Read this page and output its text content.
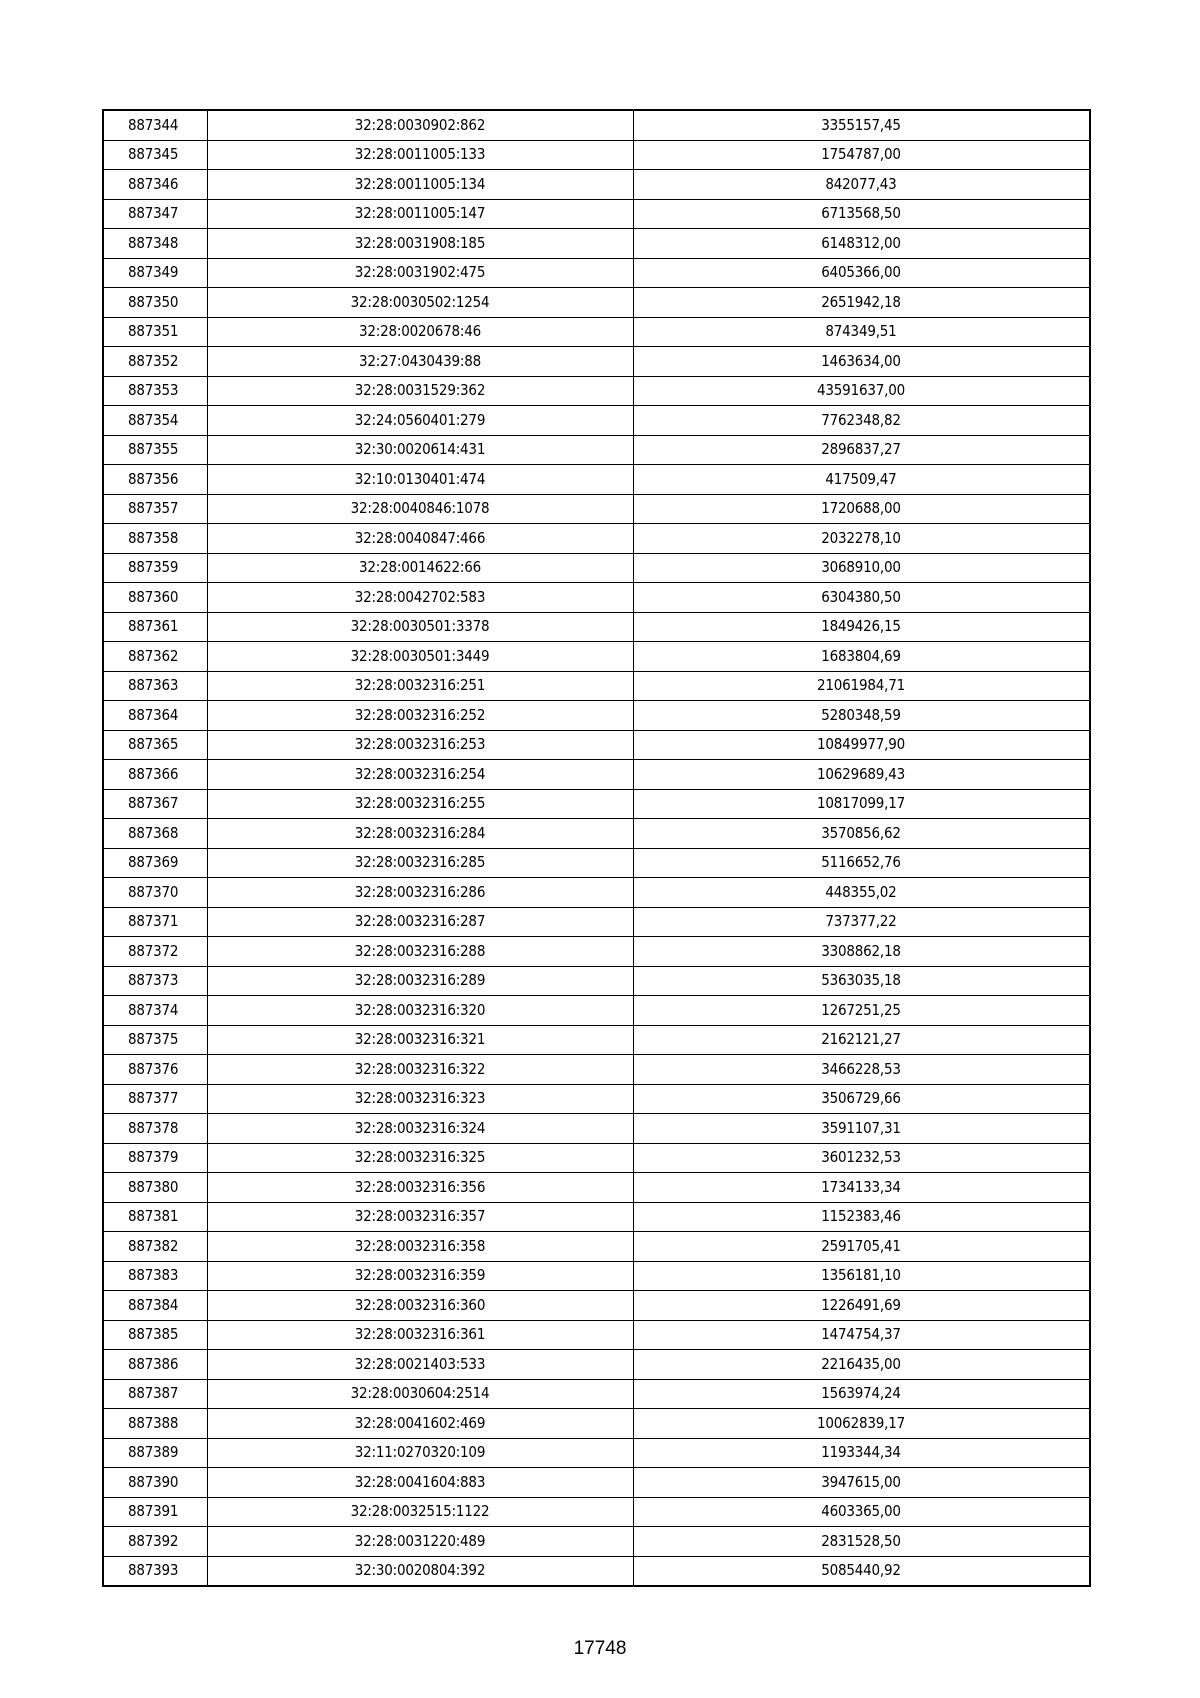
887344	32:28:0030902:862	3355157,45
887345	32:28:0011005:133	1754787,00
887346	32:28:0011005:134	842077,43
887347	32:28:0011005:147	6713568,50
887348	32:28:0031908:185	6148312,00
887349	32:28:0031902:475	6405366,00
887350	32:28:0030502:1254	2651942,18
887351	32:28:0020678:46	874349,51
887352	32:27:0430439:88	1463634,00
887353	32:28:0031529:362	43591637,00
887354	32:24:0560401:279	7762348,82
887355	32:30:0020614:431	2896837,27
887356	32:10:0130401:474	417509,47
887357	32:28:0040846:1078	1720688,00
887358	32:28:0040847:466	2032278,10
887359	32:28:0014622:66	3068910,00
887360	32:28:0042702:583	6304380,50
887361	32:28:0030501:3378	1849426,15
887362	32:28:0030501:3449	1683804,69
887363	32:28:0032316:251	21061984,71
887364	32:28:0032316:252	5280348,59
887365	32:28:0032316:253	10849977,90
887366	32:28:0032316:254	10629689,43
887367	32:28:0032316:255	10817099,17
887368	32:28:0032316:284	3570856,62
887369	32:28:0032316:285	5116652,76
887370	32:28:0032316:286	448355,02
887371	32:28:0032316:287	737377,22
887372	32:28:0032316:288	3308862,18
887373	32:28:0032316:289	5363035,18
887374	32:28:0032316:320	1267251,25
887375	32:28:0032316:321	2162121,27
887376	32:28:0032316:322	3466228,53
887377	32:28:0032316:323	3506729,66
887378	32:28:0032316:324	3591107,31
887379	32:28:0032316:325	3601232,53
887380	32:28:0032316:356	1734133,34
887381	32:28:0032316:357	1152383,46
887382	32:28:0032316:358	2591705,41
887383	32:28:0032316:359	1356181,10
887384	32:28:0032316:360	1226491,69
887385	32:28:0032316:361	1474754,37
887386	32:28:0021403:533	2216435,00
887387	32:28:0030604:2514	1563974,24
887388	32:28:0041602:469	10062839,17
887389	32:11:0270320:109	1193344,34
887390	32:28:0041604:883	3947615,00
887391	32:28:0032515:1122	4603365,00
887392	32:28:0031220:489	2831528,50
887393	32:30:0020804:392	5085440,92
17748
